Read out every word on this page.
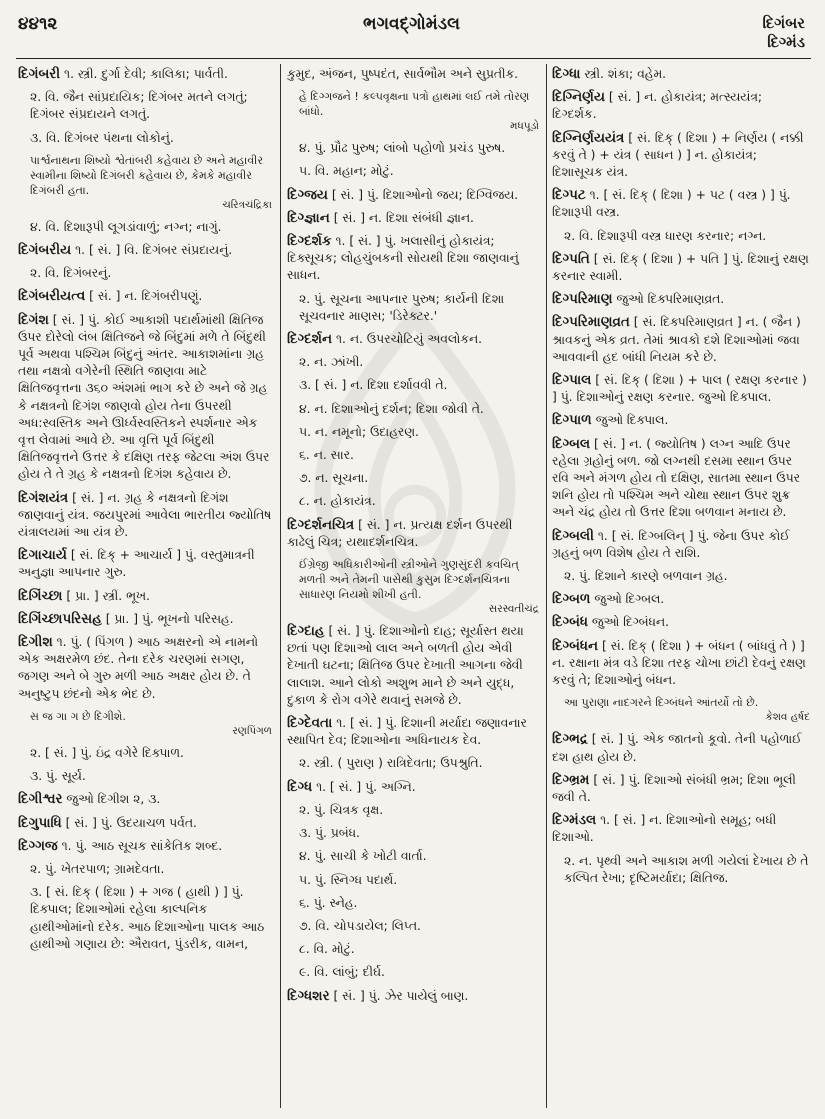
૪૪૧૨	ભગવદ્ગોમંડલ	દિગંબર
દિગ્મંડ
દિગંબરી ૧. સ્ત્રી. દુર્ગા દેવી; કાલિકા; પાર્વતી.
૨. વિ. જૈન સાંપ્રદાયિક; દિગંબર મતને લગતું; દિગંબર સંપ્રદાયને લગતું.
૩. વિ. દિગંબર પંથના લોકોનું.
પાર્શ્વનાથના શિષ્યો શ્વેતાંબરી કહેવાય છે અને મહાવીર સ્વામીના શિષ્યો દિગંબરી કહેવાય છે, કેમકે મહાવીર દિગંબરી હતા.
ચરિત્રચંદ્રિકા
૪. વિ. દિશારૂપી લૂગડાંવાળું; નગ્ન; નાગું.
દિગંબરીય ૧. [ સં. ] વિ. દિગંબર સંપ્રદાયનું.
૨. વિ. દિગંબરનું.
દિગંબરીયત્વ [ સં. ] ન. દિગંબરીપણું.
દિગંશ [ સં. ] પું. કોઈ આકાશી પદાર્થમાંથી ક્ષિતિજ ઉપર દોરેલો લંબ ક્ષિતિજને જે બિંદુમાં મળે તે બિંદુથી પૂર્વ અથવા પશ્ચિમ બિંદુનું અંતર. આકાશમાંના ગ્રહ તથા નક્ષત્રો વગેરેની સ્થિતિ જાણવા માટે ક્ષિતિજવૃત્તના ૩૬૦ અંશમાં ભાગ કરે છે અને જે ગ્રહ કે નક્ષત્રનો દિગંશ જાણવો હોય તેના ઉપરથી અધ:સ્વસ્તિક અને ઊર્ધ્વસ્વસ્તિકને સ્પર્શનાર એક વૃત્ત લેવામાં આવે છે. આ વૃત્તિ પૂર્વ બિંદુથી ક્ષિતિજવૃત્તને ઉત્તર કે દક્ષિણ તરફ જેટલા અંશ ઉપર હોય તે તે ગ્રહ કે નક્ષત્રનો દિગંશ કહેવાય છે.
દિગંશયંત્ર [ સં. ] ન. ગ્રહ કે નક્ષત્રનો દિગંશ જાણવાનું યંત્ર. જયપુરમાં આવેલા ભારતીય જ્યોતિષ યંત્રાલયમાં આ યંત્ર છે.
દિગાચાર્ય [ સં. દિક્ + આચાર્ય ] પું. વસ્તુમાત્રની અનુજ્ઞા આપનાર ગુરુ.
દિગિંચ્છા [ પ્રા. ] સ્ત્રી. ભૂખ.
દિગિંચ્છાપરિસહ [ પ્રા. ] પું. ભૂખનો પરિસહ.
દિગીશ ૧. પું. ( પિંગળ ) આઠ અક્ષરનો એ નામનો એક અક્ષરમેળ છંદ. તેના દરેક ચરણમાં સગણ, જગણ અને બે ગુરુ મળી આઠ અક્ષર હોય છે. તે અનુષ્ટુપ છંદનો એક ભેદ છે.
સ જ ગા ગ છે દિગીશે.
રણપિંગળ
૨. [ સં. ] પું. ઇંદ્ર વગેરે દિક્પાળ.
૩. પું. સૂર્ય.
દિગીશ્વર જુઓ દિગીશ ૨, ૩.
દિગુપાધિ [ સં. ] પું. ઉદયાચળ પર્વત.
દિગ્ગજ ૧. પું. આઠ સૂચક સાંકેતિક શબ્દ.
૨. પું. ખેતરપાળ; ગ્રામદેવતા.
૩. [ સં. દિક્ ( દિશા ) + ગજ ( હાથી ) ] પું. દિક્પાલ; દિશાઓમાં રહેલા કાલ્પનિક હાથીઓમાંનો દરેક. આઠ દિશાઓના પાલક આઠ હાથીઓ ગણાય છે: ઐરાવત, પુંડરીક, વામન,
કુમુદ, અંજન, પુષ્પદંત, સાર્વભૌમ અને સુપ્રતીક.
હે દિગ્ગજને ! કલ્પવૃક્ષના પત્રો હાથમાં લઈ તમે તોરણ બાંધો.
મધપૂડો
૪. પું. પ્રૌઢ પુરુષ; લાંબો પહોળો પ્રચંડ પુરુષ.
૫. વિ. મહાન; મોટું.
દિગ્જય [ સં. ] પું. દિશાઓનો જય; દિગ્વિજય.
દિગ્જ્ઞાન [ સં. ] ન. દિશા સંબંધી જ્ઞાન.
દિગ્દર્શક ૧. [ સં. ] પું. ખલાસીનું હોકાયંત્ર; દિક્સૂચક; લોહચુંબકની સોયથી દિશા જાણવાનું સાધન.
૨. પું. સૂચના આપનાર પુરુષ; કાર્યની દિશા સૂચવનાર માણસ; 'ડિરેક્ટર.'
દિગ્દર્શન ૧. ન. ઉપરચોટિયું અવલોકન.
૨. ન. ઝાંખી.
૩. [ સં. ] ન. દિશા દર્શાવવી તે.
૪. ન. દિશાઓનું દર્શન; દિશા જોવી તે.
૫. ન. નમૂનો; ઉદાહરણ.
૬. ન. સાર.
૭. ન. સૂચના.
૮. ન. હોકાયંત્ર.
દિગ્દર્શનચિત્ર [ સં. ] ન. પ્રત્યક્ષ દર્શન ઉપરથી કાઢેલું ચિત્ર; યથાદર્શનચિત્ર.
ઈંગ્રેજી અધિકારીઓની સ્ત્રીઓને ગુણસુંદરી કવચિત્ મળતી અને તેમની પાસેથી કુસુમ દિગ્દર્શનચિત્રના સાધારણ નિયમો શીખી હતી.
સરસ્વતીચંદ્ર
દિગ્દાહ [ સં. ] પું. દિશાઓનો દાહ; સૂર્યાસ્ત થયા છતાં પણ દિશાઓ લાલ અને બળતી હોય એવી દેખાતી ઘટના; ક્ષિતિજ ઉપર દેખાતી આગના જેવી લાલાશ. આને લોકો અશુભ માને છે અને યુદ્ધ, દુકાળ કે રોગ વગેરે થવાનું સમજે છે.
દિગ્દેવતા ૧. [ સં. ] પું. દિશાની મર્યાદા જણાવનાર સ્થાપિત દેવ; દિશાઓના અધિનાયક દેવ.
૨. સ્ત્રી. ( પુરાણ ) રાત્રિદેવતા; ઉપશ્રુતિ.
દિગ્ધ ૧. [ સં. ] પું. અગ્નિ.
૨. પું. ચિત્રક વૃક્ષ.
૩. પું. પ્રબંધ.
૪. પું. સાચી કે ખોટી વાર્તા.
૫. પું. સ્નિગ્ધ પદાર્થ.
૬. પું. સ્નેહ.
૭. વિ. ચોપડાયેલ; લિપ્ત.
૮. વિ. મોટું.
૯. વિ. લાંબું; દીર્ઘ.
દિગ્ધશર [ સં. ] પું. ઝેર પાયેલું બાણ.
દિગ્ધા સ્ત્રી. શંકા; વહેમ.
દિગ્નિર્ણય [ સં. ] ન. હોકાયંત્ર; મત્સ્યયંત્ર; દિગ્દર્શક.
દિગ્નિર્ણયયંત્ર [ સં. દિક્ ( દિશા ) + નિર્ણય ( નક્કી કરવું તે ) + યંત્ર ( સાધન ) ] ન. હોકાયંત્ર; દિશાસૂચક યંત્ર.
દિગ્પટ ૧. [ સં. દિક્ ( દિશા ) + પટ ( વસ્ત્ર ) ] પું. દિશારૂપી વસ્ત્ર.
૨. વિ. દિશારૂપી વસ્ત્ર ધારણ કરનાર; નગ્ન.
દિગ્પતિ [ સં. દિક્ ( દિશા ) + પતિ ] પું. દિશાનું રક્ષણ કરનાર સ્વામી.
દિગ્પરિમાણ જુઓ દિક્પરિમાણવ્રત.
દિગ્પરિમાણવ્રત [ સં. દિક્પરિમાણવ્રત ] ન. ( જૈન ) શ્રાવકનું એક વ્રત. તેમાં શ્રાવકો દશે દિશાઓમાં જવા આવવાની હદ બાંધી નિયમ કરે છે.
દિગ્પાલ [ સં. દિક્ ( દિશા ) + પાલ ( રક્ષણ કરનાર ) ] પું. દિશાઓનું રક્ષણ કરનાર. જુઓ દિક્પાલ.
દિગ્પાળ જુઓ દિક્પાલ.
દિગ્બલ [ સં. ] ન. ( જ્યોતિષ ) લગ્ન આદિ ઉપર રહેલા ગ્રહોનું બળ. જો લગ્નથી દસમા સ્થાન ઉપર રવિ અને મંગળ હોય તો દક્ષિણ, સાતમા સ્થાન ઉપર શનિ હોય તો પશ્ચિમ અને ચોથા સ્થાન ઉપર શુક્ર અને ચંદ્ર હોય તો ઉત્તર દિશા બળવાન મનાય છે.
દિગ્બલી ૧. [ સં. દિગ્બલિન્ ] પું. જેના ઉપર કોઈ ગ્રહનું બળ વિશેષ હોય તે રાશિ.
૨. પું. દિશાને કારણે બળવાન ગ્રહ.
દિગ્બળ જુઓ દિગ્બલ.
દિગ્બંધ જુઓ દિગ્બંધન.
દિગ્બંધન [ સં. દિક્ ( દિશા ) + બંધન ( બાંધવું તે ) ] ન. રક્ષાના મંત્ર વડે દિશા તરફ ચોખા છાંટી દેવનું રક્ષણ કરવું તે; દિશાઓનું બંધન.
આ પુરાણા નાદગરને દિગ્બંધને આંતર્યો તો છે.
કેશવ હર્ષદ
દિગ્ભદ્ર [ સં. ] પું. એક જાતનો કૂવો. તેની પહોળાઈ દશ હાથ હોય છે.
દિગ્ભ્રમ [ સં. ] પું. દિશાઓ સંબંધી ભ્રમ; દિશા ભૂલી જવી તે.
દિગ્મંડલ ૧. [ સં. ] ન. દિશાઓનો સમૂહ; બધી દિશાઓ.
૨. ન. પૃથ્વી અને આકાશ મળી ગયેલાં દેખાય છે તે કલ્પિત રેખા; દૃષ્ટિમર્યાદા; ક્ષિતિજ.
